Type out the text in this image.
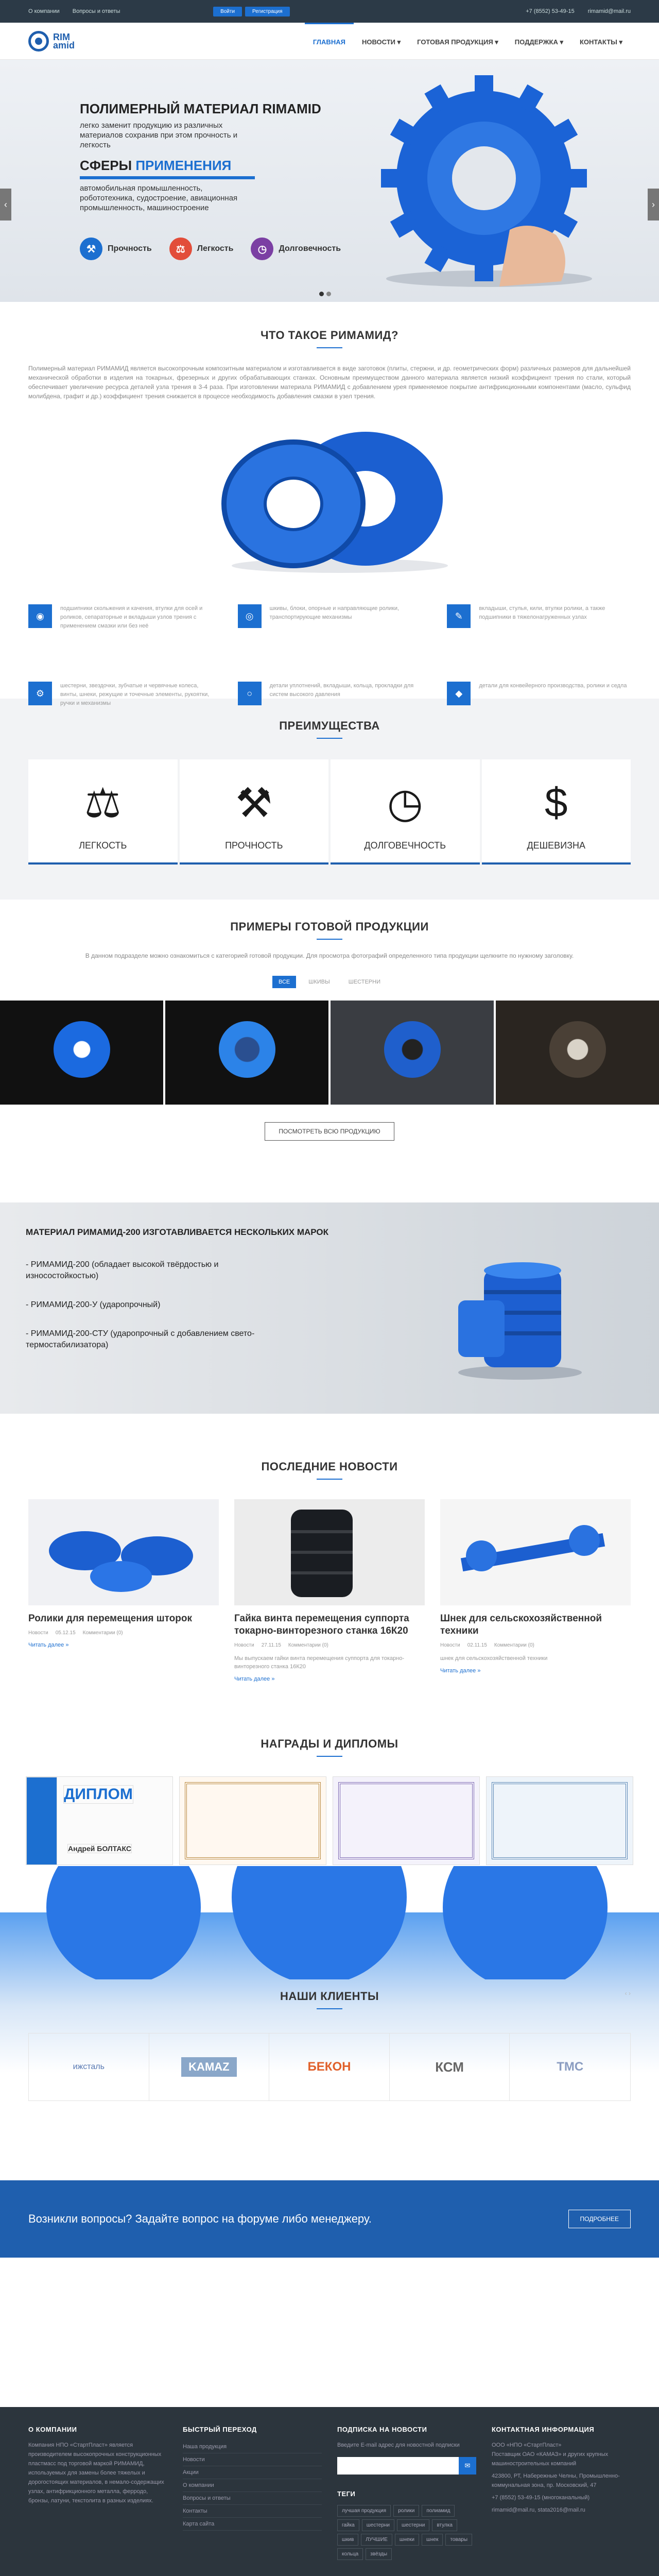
О компании Вопросы и ответы	Войти	Регистрация	+7 (8552) 53-49-15 rimamid@mail.ru
RIM
amid	ГЛАВНАЯ	НОВОСТИ ▾	ГОТОВАЯ ПРОДУКЦИЯ ▾	ПОДДЕРЖКА ▾	КОНТАКТЫ ▾
‹	›
ПОЛИМЕРНЫЙ МАТЕРИАЛ RIMAMID
легко заменит продукцию из различных материалов сохранив при этом прочность и легкость
СФЕРЫ ПРИМЕНЕНИЯ
автомобильная промышленность, робототехника, судостроение, авиационная промышленность, машиностроение
⚒	Прочность	⚖	Легкость	◷	Долговечность
ЧТО ТАКОЕ РИМАМИД?
Полимерный материал РИМАМИД является высокопрочным композитным материалом и изготавливается в виде заготовок (плиты, стержни, и др. геометрических форм) различных размеров для дальнейшей механической обработки в изделия на токарных, фрезерных и других обрабатывающих станках. Основным преимуществом данного материала является низкий коэффициент трения по стали, который обеспечивает увеличение ресурса деталей узла трения в 3-4 раза. При изготовлении материала РИМАМИД с добавлением урея применяемое покрытие антифрикционными компонентами (масло, сульфид молибдена, графит и др.) коэффициент трения снижается в процессе необходимость добавления смазки в узел трения.
◉
подшипники скольжения и качения, втулки для осей и роликов, сепараторные и вкладыши узлов трения с применением смазки или без неё
◎
шкивы, блоки, опорные и направляющие ролики, транспортирующие механизмы	✎
вкладыши, стулья, кили, втулки ролики, а также подшипники в тяжелонагруженных узлах
⚙
шестерни, звездочки, зубчатые и червячные колеса, винты, шнеки, режущие и точечные элементы, рукоятки, ручки и механизмы
○
детали уплотнений, вкладыши, кольца, прокладки для систем высокого давления	◆
детали для конвейерного производства, ролики и седла
ПРЕИМУЩЕСТВА
⚖
ЛЕГКОСТЬ
⚒
ПРОЧНОСТЬ
◷
ДОЛГОВЕЧНОСТЬ
$
ДЕШЕВИЗНА
ПРИМЕРЫ ГОТОВОЙ ПРОДУКЦИИ
В данном подразделе можно ознакомиться с категорией готовой продукции. Для просмотра фотографий определенного типа продукции щелкните по нужному заголовку.
ВСЕ	ШКИВЫ	ШЕСТЕРНИ
ПОСМОТРЕТЬ ВСЮ ПРОДУКЦИЮ
МАТЕРИАЛ РИМАМИД-200 ИЗГОТАВЛИВАЕТСЯ НЕСКОЛЬКИХ МАРОК
- РИМАМИД-200 (обладает высокой твёрдостью и износостойкостью)
- РИМАМИД-200-У (ударопрочный)
- РИМАМИД-200-СТУ (ударопрочный с добавлением свето-термостабилизатора)
ПОСЛЕДНИЕ НОВОСТИ
Ролики для перемещения шторок
Новости 05.12.15 Комментарии (0)
Читать далее »
Гайка винта перемещения суппорта токарно-винторезного станка 16К20
Новости 27.11.15 Комментарии (0)
Мы выпускаем гайки винта перемещения суппорта для токарно-винторезного станка 16К20
Читать далее »
Шнек для сельскохозяйственной техники
Новости 02.11.15 Комментарии (0)
шнек для сельскохозяйственной техники
Читать далее »
НАГРАДЫ И ДИПЛОМЫ
ДИПЛОМ
Андрей БОЛТАКС
НАШИ КЛИЕНТЫ	‹ ›
ижсталь	KAMAZ	БЕКОН	КСМ	ТМС
Возникли вопросы? Задайте вопрос на форуме либо менеджеру.	ПОДРОБНЕЕ
О КОМПАНИИ
Компания НПО «СтартПласт» является производителем высокопрочных конструкционных пластмасс под торговой маркой РИМАМИД, используемых для замены более тяжелых и дорогостоящих материалов, в немало-содержащих узлах, антифрикционного металла, ферродо, бронзы, латуни, текстолита в разных изделиях.
БЫСТРЫЙ ПЕРЕХОД
Наша продукция
Новости
Акции
О компании
Вопросы и ответы
Контакты
Карта сайта
ПОДПИСКА НА НОВОСТИ
Введите E-mail адрес для новостной подписки
✉
ТЕГИ
лучшая продукция	ролики	полиамид
гайка	шестерни	шестерни	втулка
шкив	ЛУЧШИЕ	шнеки	шнек	товары
кольца	звёзды
КОНТАКТНАЯ ИНФОРМАЦИЯ
ООО «НПО «СтартПласт»
Поставщик ОАО «КАМАЗ» и других крупных машиностроительных компаний
423800, РТ, Набережные Челны, Промышленно-коммунальная зона, пр. Московский, 47
+7 (8552) 53-49-15 (многоканальный)
rimamid@mail.ru, stata2016@mail.ru
